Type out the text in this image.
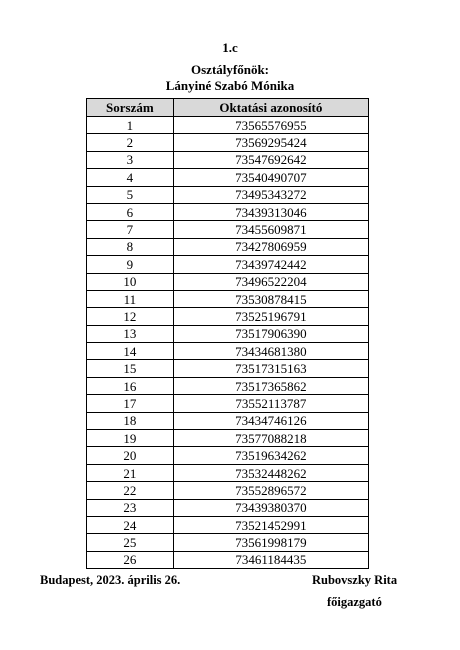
1.c
Osztályfőnök:
Lányiné Szabó Mónika
Sorszám	Oktatási azonosító
1	73565576955
2	73569295424
3	73547692642
4	73540490707
5	73495343272
6	73439313046
7	73455609871
8	73427806959
9	73439742442
10	73496522204
11	73530878415
12	73525196791
13	73517906390
14	73434681380
15	73517315163
16	73517365862
17	73552113787
18	73434746126
19	73577088218
20	73519634262
21	73532448262
22	73552896572
23	73439380370
24	73521452991
25	73561998179
26	73461184435
Budapest, 2023. április 26.	Rubovszky Rita
főigazgató
